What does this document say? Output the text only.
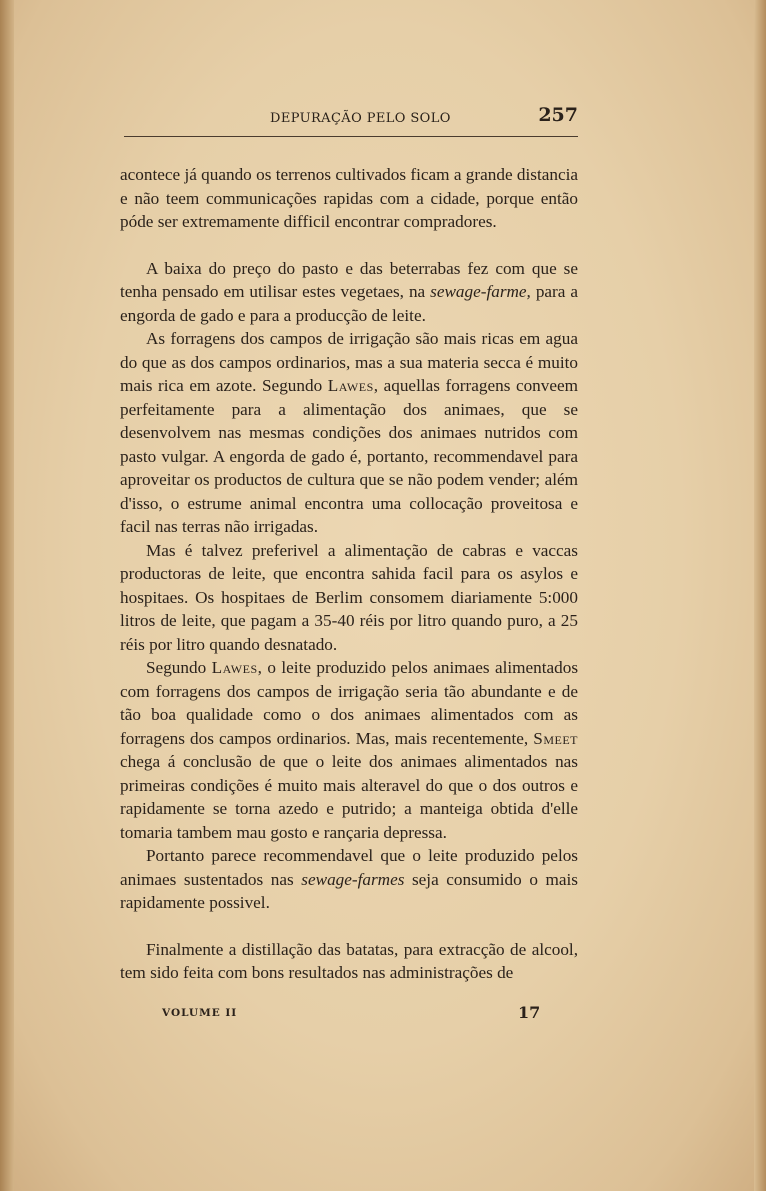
DEPURAÇÃO PELO SOLO	257

acontece já quando os terrenos cultivados ficam a grande distancia e não teem communicações rapidas com a cidade, porque então póde ser extremamente difficil encontrar compradores.

A baixa do preço do pasto e das beterrabas fez com que se tenha pensado em utilisar estes vegetaes, na sewage-farme, para a engorda de gado e para a producção de leite.

As forragens dos campos de irrigação são mais ricas em agua do que as dos campos ordinarios, mas a sua materia secca é muito mais rica em azote. Segundo Lawes, aquellas forragens conveem perfeitamente para a alimentação dos animaes, que se desenvolvem nas mesmas condições dos animaes nutridos com pasto vulgar. A engorda de gado é, portanto, recommendavel para aproveitar os productos de cultura que se não podem vender; além d'isso, o estrume animal encontra uma collocação proveitosa e facil nas terras não irrigadas.

Mas é talvez preferivel a alimentação de cabras e vaccas productoras de leite, que encontra sahida facil para os asylos e hospitaes. Os hospitaes de Berlim consomem diariamente 5:000 litros de leite, que pagam a 35-40 réis por litro quando puro, a 25 réis por litro quando desnatado.

Segundo Lawes, o leite produzido pelos animaes alimentados com forragens dos campos de irrigação seria tão abundante e de tão boa qualidade como o dos animaes alimentados com as forragens dos campos ordinarios. Mas, mais recentemente, Smeet chega á conclusão de que o leite dos animaes alimentados nas primeiras condições é muito mais alteravel do que o dos outros e rapidamente se torna azedo e putrido; a manteiga obtida d'elle tomaria tambem mau gosto e rançaria depressa.

Portanto parece recommendavel que o leite produzido pelos animaes sustentados nas sewage-farmes seja consumido o mais rapidamente possivel.

Finalmente a distillação das batatas, para extracção de alcool, tem sido feita com bons resultados nas administrações de

VOLUME II	17
